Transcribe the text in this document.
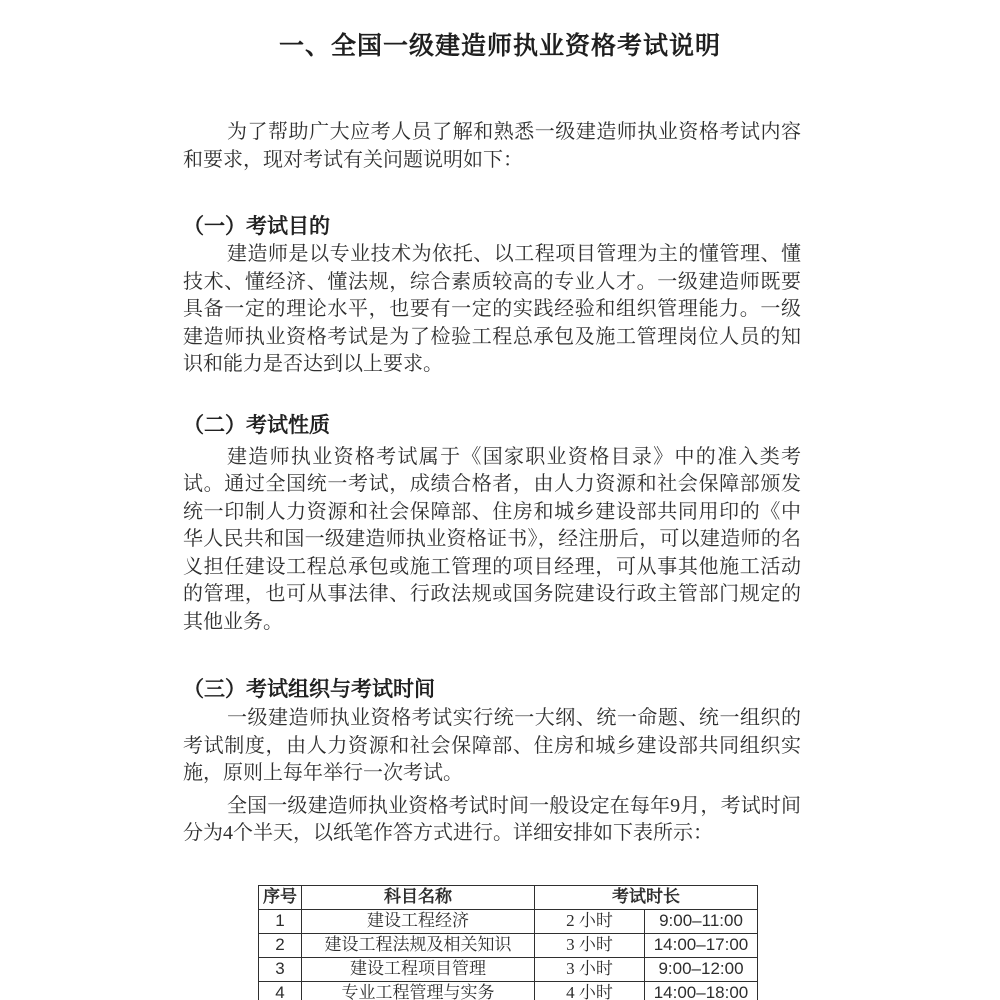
一、全国一级建造师执业资格考试说明

为了帮助广大应考人员了解和熟悉一级建造师执业资格考试内容和要求，现对考试有关问题说明如下：

（一）考试目的

建造师是以专业技术为依托、以工程项目管理为主的懂管理、懂技术、懂经济、懂法规，综合素质较高的专业人才。一级建造师既要具备一定的理论水平，也要有一定的实践经验和组织管理能力。一级建造师执业资格考试是为了检验工程总承包及施工管理岗位人员的知识和能力是否达到以上要求。

（二）考试性质

建造师执业资格考试属于《国家职业资格目录》中的准入类考试。通过全国统一考试，成绩合格者，由人力资源和社会保障部颁发统一印制人力资源和社会保障部、住房和城乡建设部共同用印的《中华人民共和国一级建造师执业资格证书》，经注册后，可以建造师的名义担任建设工程总承包或施工管理的项目经理，可从事其他施工活动的管理，也可从事法律、行政法规或国务院建设行政主管部门规定的其他业务。

（三）考试组织与考试时间

一级建造师执业资格考试实行统一大纲、统一命题、统一组织的考试制度，由人力资源和社会保障部、住房和城乡建设部共同组织实施，原则上每年举行一次考试。

全国一级建造师执业资格考试时间一般设定在每年9月，考试时间分为4个半天，以纸笔作答方式进行。详细安排如下表所示：

序号	科目名称	考试时长	
1	建设工程经济	2 小时	9:00–11:00
2	建设工程法规及相关知识	3 小时	14:00–17:00
3	建设工程项目管理	3 小时	9:00–12:00
4	专业工程管理与实务	4 小时	14:00–18:00
